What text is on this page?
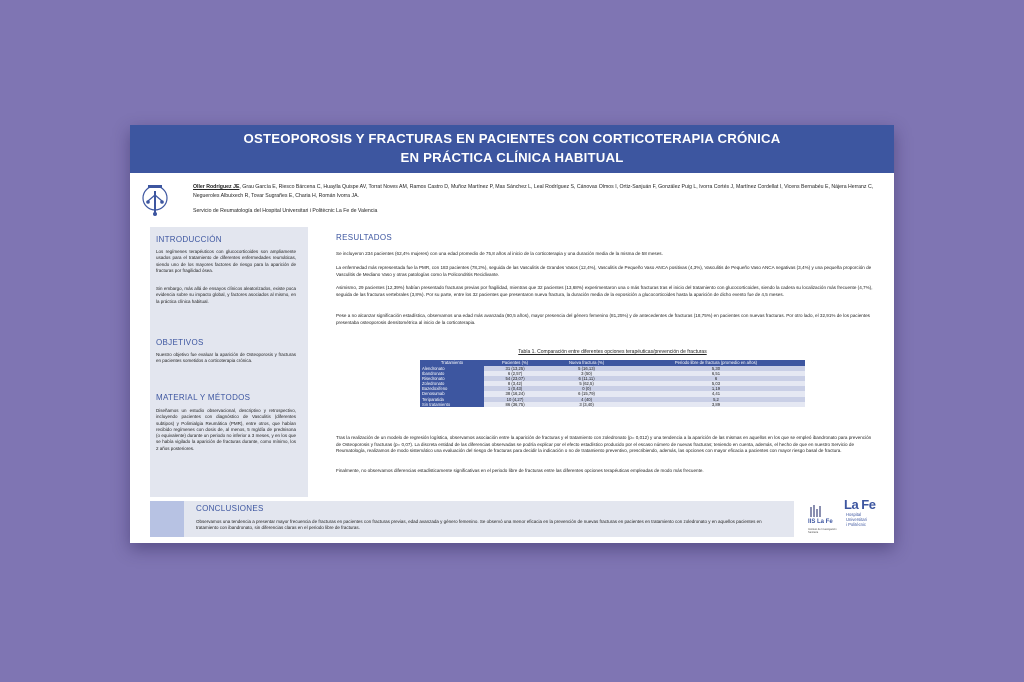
OSTEOPOROSIS Y FRACTURAS EN PACIENTES CON CORTICOTERAPIA CRÓNICA
EN PRÁCTICA CLÍNICA HABITUAL
Oller Rodríguez JE, Grau García E, Riesco Bárcena C, Huaylla Quispe AV, Torrat Noves AM, Ramos Castro D, Muñoz Martínez P, Mas Sánchez L, Leal Rodríguez S, Cánovas Olmos I, Ortiz-Sanjuán F, González Puig L, Ivorra Cortés J, Martínez Cordellat I, Vicens Bernabéu E, Nájera Herranz C, Negueroles Albuixech R, Tovar Sugrañes E, Charia H, Román Ivorra JA.
Servicio de Reumatología del Hospital Universitari i Politècnic La Fe de Valencia
INTRODUCCIÓN
Los regímenes terapéuticos con glucocorticoides son ampliamente usados para el tratamiento de diferentes enfermedades reumáticas, siendo uno de los mayores factores de riesgo para la aparición de fracturas por fragilidad ósea.
Sin embargo, más allá de ensayos clínicos aleatorizados, existe poca evidencia sobre su impacto global, y factores asociados al mismo, en la práctica clínica habitual.
OBJETIVOS
Nuestro objetivo fue evaluar la aparición de Osteoporosis y fracturas en pacientes sometidos a corticoterapia crónica.
MATERIAL Y MÉTODOS
Diseñamos un estudio observacional, descriptivo y retrospectivo, incluyendo pacientes con diagnóstico de Vasculitis (diferentes subtipos) y Polimialgia Reumática (PMR), entre otros, que habían recibido regímenes con dosis de, al menos, 5 mg/día de prednisona (o equivalente) durante un periodo no inferior a 3 meses, y en los que se había vigilado la aparición de fracturas durante, como mínimo, los 2 años posteriores.
RESULTADOS
Se incluyeron 234 pacientes (62,4% mujeres) con una edad promedio de 75,8 años al inicio de la corticoterapia y una duración media de la misma de 58 meses.
La enfermedad más representada fue la PMR, con 183 pacientes (78,2%), seguida de las Vasculitis de Grandes Vasos (12,4%), Vasculitis de Pequeño Vaso ANCA positivas (4,3%), Vasculitis de Pequeño Vaso ANCA negativas (3,4%) y una pequeña proporción de Vasculitis de Mediano Vaso y otras patologías como la Policondritis Recidivante.
Asimismo, 29 pacientes (12,39%) habían presentado fracturas previas por fragilidad, mientras que 32 pacientes (13,68%) experimentaron una o más fracturas tras el inicio del tratamiento con glucocorticoides, siendo la cadera su localización más frecuente (4,7%), seguida de las fracturas vertebrales (3,8%). Por su parte, entre los 32 pacientes que presentaron nueva fractura, la duración media de la exposición a glucocorticoides hasta la aparición de dicho evento fue de 4,5 meses.
Pese a no alcanzar significación estadística, observamos una edad más avanzada (80,5 años), mayor presencia del género femenino (81,25%) y de antecedentes de fracturas (18,75%) en pacientes con nuevas fracturas. Por otro lado, el 32,91% de los pacientes presentaba osteoporosis densitométrica al inicio de la corticoterapia.
Tabla 1. Comparación entre diferentes opciones terapéuticas/prevención de fracturas
Tratamiento	Pacientes (%)	Nueva fractura (%)	Periodo libre de fractura (promedio en años)
Alendronato	31 (13,25)	5 (16,13)	5,30
Ibandronato	6 (2,57)	3 (50)	6,51
Risedronato	54 (23,07)	6 (11,11)	6
Zoledronato	8 (3,42)	5 (62,5)	5,03
Bazedoxifeno	1 (0,43)	0 (0)	1,19
Denosumab	38 (16,24)	6 (15,79)	4,41
Teriparatida	10 (4,27)	4 (40)	5,2
Sin tratamiento	86 (36,75)	3 (3,40)	3,89
Tras la realización de un modelo de regresión logística, observamos asociación entre la aparición de fracturas y el tratamiento con zoledronato (p= 0,012) y una tendencia a la aparición de las mismas en aquellos en los que se empleó ibandronato para prevención de Osteoporosis y fracturas (p= 0,07). La discreta entidad de las diferencias observadas se podría explicar por el efecto estadístico producido por el escaso número de nuevas fracturas; teniendo en cuenta, además, el hecho de que en nuestro Servicio de Reumatología, realizamos de modo sistemático una evaluación del riesgo de fracturas para decidir la indicación o no de tratamiento preventivo, prescribiendo, además, las opciones con mayor eficacia a pacientes con mayor riesgo basal de fractura.
Finalmente, no observamos diferencias estadísticamente significativas en el periodo libre de fracturas entre las diferentes opciones terapéuticas empleadas de modo más frecuente.
CONCLUSIONES
Observamos una tendencia a presentar mayor frecuencia de fracturas en pacientes con fracturas previas, edad avanzada y género femenino. Se observó una menor eficacia en la prevención de nuevas fracturas en pacientes en tratamiento con zoledronato y en aquellos pacientes en tratamiento con ibandronato, sin diferencias claras en el periodo libre de fracturas.
IIS La Fe
Instituto de Investigación Sanitaria
La Fe
Hospital
Universitari
i Politècnic
